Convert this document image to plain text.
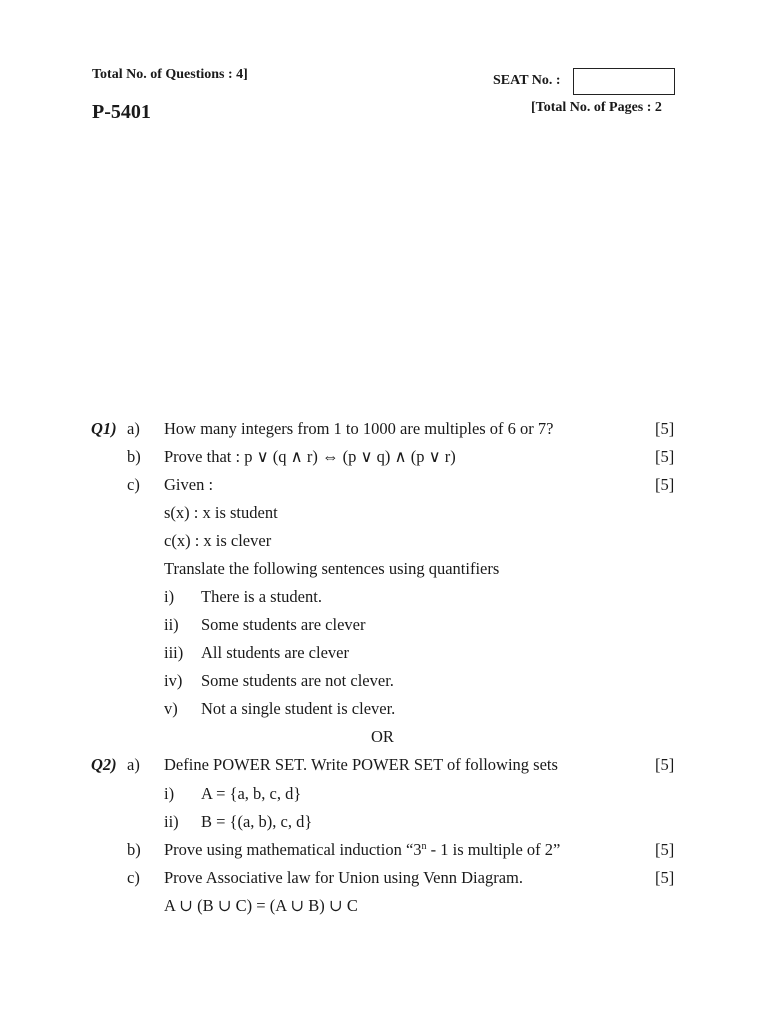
Total No. of Questions : 4]	SEAT No. :
P-5401	[Total No. of Pages : 2
Q1) a) How many integers from 1 to 1000 are multiples of 6 or 7?	[5]
b) Prove that : p ∨ (q ∧ r) ⇔ (p ∨ q) ∧ (p ∨ r)	[5]
c) Given :	[5]
s(x) : x is student
c(x) : x is clever
Translate the following sentences using quantifiers
i) There is a student.
ii) Some students are clever
iii) All students are clever
iv) Some students are not clever.
v) Not a single student is clever.
OR
Q2) a) Define POWER SET. Write POWER SET of following sets	[5]
i) A = {a, b, c, d}
ii) B = {(a, b), c, d}
b) Prove using mathematical induction “3$^n$ - 1 is multiple of 2”	[5]
c) Prove Associative law for Union using Venn Diagram.	[5]
A ∪ (B ∪ C) = (A ∪ B) ∪ C
